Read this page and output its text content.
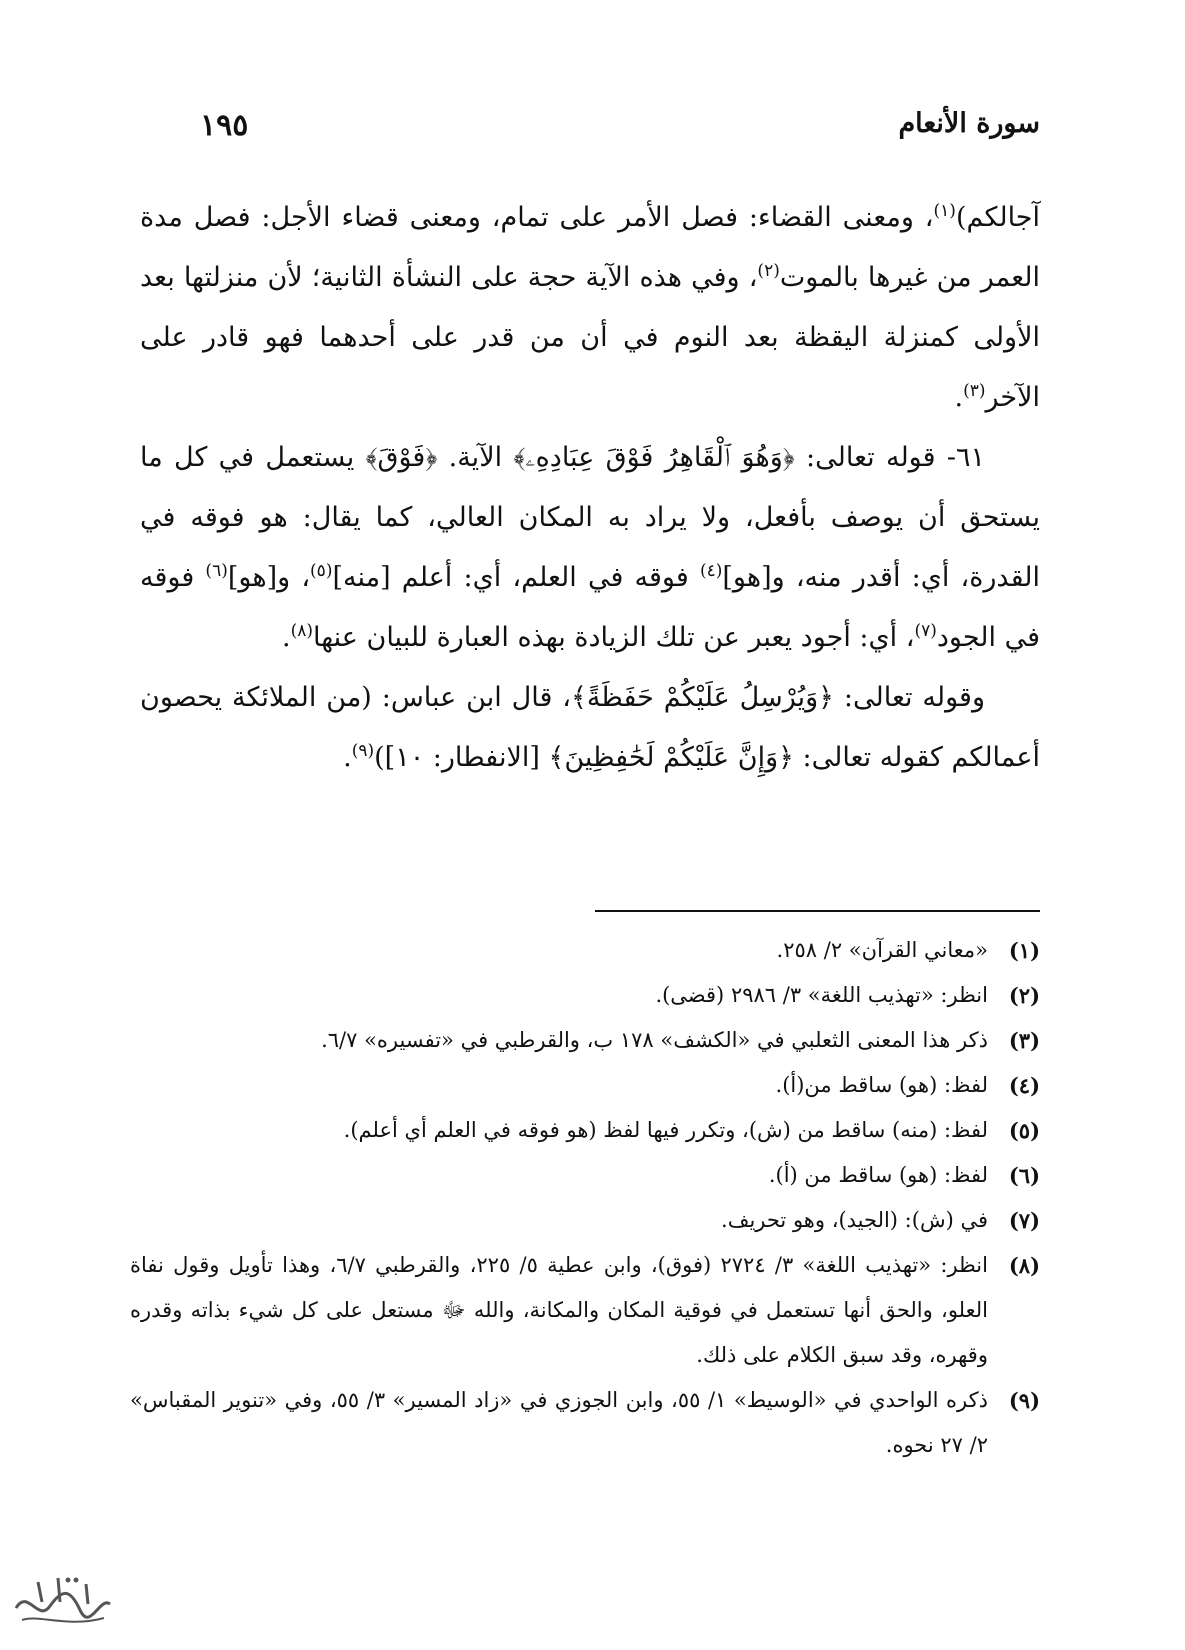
سورة الأنعام
١٩٥

آجالكم)$^{(١)}$، ومعنى القضاء: فصل الأمر على تمام، ومعنى قضاء الأجل: فصل مدة العمر من غيرها بالموت$^{(٢)}$، وفي هذه الآية حجة على النشأة الثانية؛ لأن منزلتها بعد الأولى كمنزلة اليقظة بعد النوم في أن من قدر على أحدهما فهو قادر على الآخر$^{(٣)}$.

٦١- قوله تعالى: ﴿وَهُوَ ٱلْقَاهِرُ فَوْقَ عِبَادِهِۦ﴾ الآية. ﴿فَوْقَ﴾ يستعمل في كل ما يستحق أن يوصف بأفعل، ولا يراد به المكان العالي، كما يقال: هو فوقه في القدرة، أي: أقدر منه، و[هو]$^{(٤)}$ فوقه في العلم، أي: أعلم [منه]$^{(٥)}$، و[هو]$^{(٦)}$ فوقه في الجود$^{(٧)}$، أي: أجود يعبر عن تلك الزيادة بهذه العبارة للبيان عنها$^{(٨)}$.

وقوله تعالى: ﴿وَيُرْسِلُ عَلَيْكُمْ حَفَظَةً﴾، قال ابن عباس: (من الملائكة يحصون أعمالكم كقوله تعالى: ﴿وَإِنَّ عَلَيْكُمْ لَحَٰفِظِينَ﴾ [الانفطار: ١٠])$^{(٩)}$.

(١)
«معاني القرآن» ٢/ ٢٥٨.
(٢)
انظر: «تهذيب اللغة» ٣/ ٢٩٨٦ (قضى).
(٣)
ذكر هذا المعنى الثعلبي في «الكشف» ١٧٨ ب، والقرطبي في «تفسيره» ٦/٧.
(٤)
لفظ: (هو) ساقط من(أ).
(٥)
لفظ: (منه) ساقط من (ش)، وتكرر فيها لفظ (هو فوقه في العلم أي أعلم).
(٦)
لفظ: (هو) ساقط من (أ).
(٧)
في (ش): (الجيد)، وهو تحريف.
(٨)
انظر: «تهذيب اللغة» ٣/ ٢٧٢٤ (فوق)، وابن عطية ٥/ ٢٢٥، والقرطبي ٦/٧، وهذا تأويل وقول نفاة العلو، والحق أنها تستعمل في فوقية المكان والمكانة، والله ﷻ مستعل على كل شيء بذاته وقدره وقهره، وقد سبق الكلام على ذلك.
(٩)
ذكره الواحدي في «الوسيط» ١/ ٥٥، وابن الجوزي في «زاد المسير» ٣/ ٥٥، وفي «تنوير المقباس» ٢/ ٢٧ نحوه.
